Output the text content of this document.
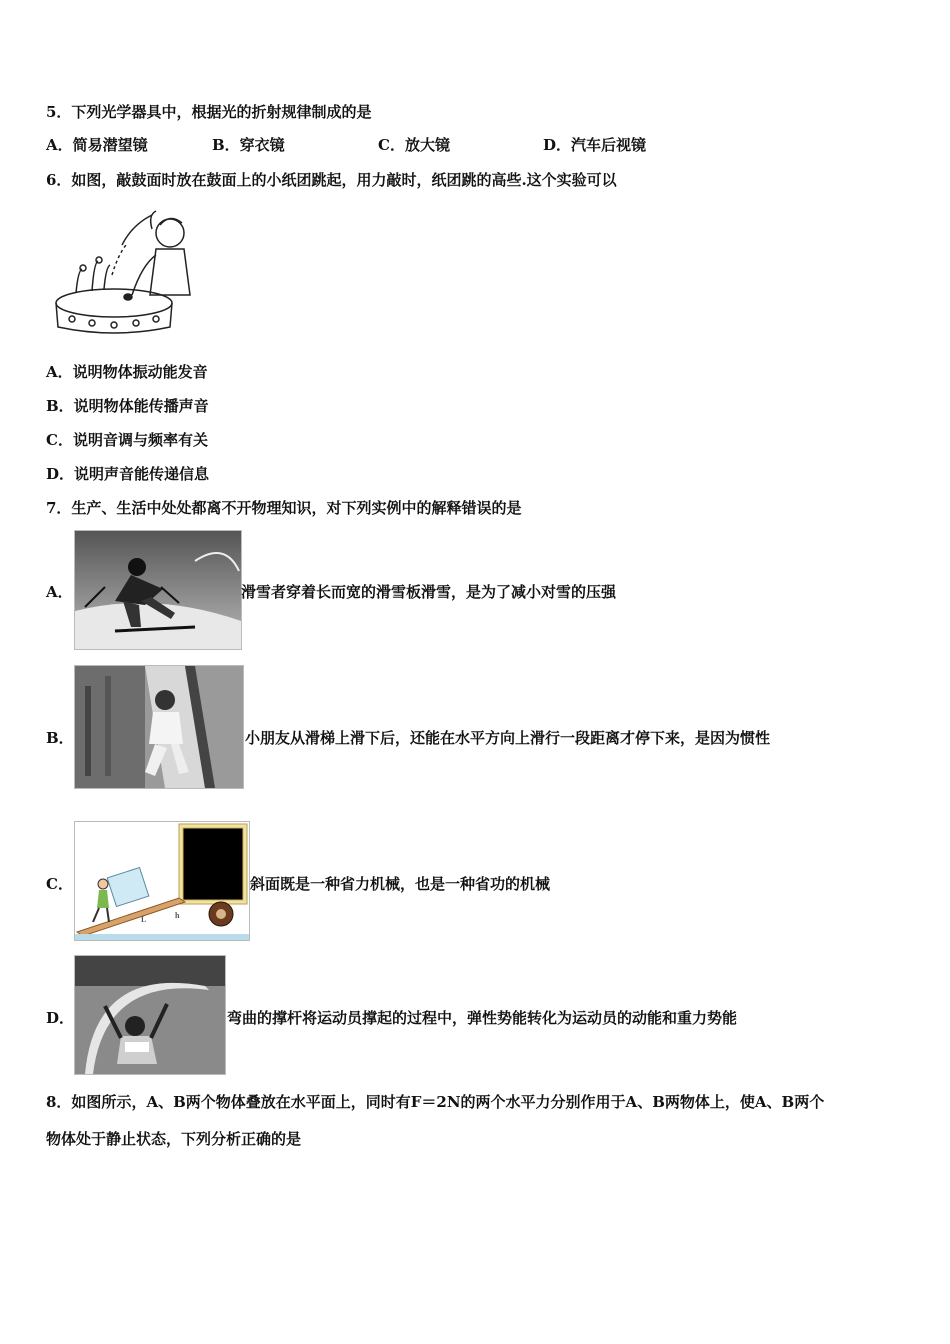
5．下列光学器具中，根据光的折射规律制成的是
A．简易潜望镜	B．穿衣镜	C．放大镜	D．汽车后视镜
6．如图，敲鼓面时放在鼓面上的小纸团跳起，用力敲时，纸团跳的高些.这个实验可以
A．说明物体振动能发音
B．说明物体能传播声音
C．说明音调与频率有关
D．说明声音能传递信息
7．生产、生活中处处都离不开物理知识，对下列实例中的解释错误的是
A．	滑雪者穿着长而宽的滑雪板滑雪，是为了减小对雪的压强
B．	小朋友从滑梯上滑下后，还能在水平方向上滑行一段距离才停下来，是因为惯性
C．
L	h
斜面既是一种省力机械，也是一种省功的机械
D．	弯曲的撑杆将运动员撑起的过程中，弹性势能转化为运动员的动能和重力势能
8．如图所示，A、B两个物体叠放在水平面上，同时有F＝2N的两个水平力分别作用于A、B两物体上，使A、B两个
物体处于静止状态，下列分析正确的是
